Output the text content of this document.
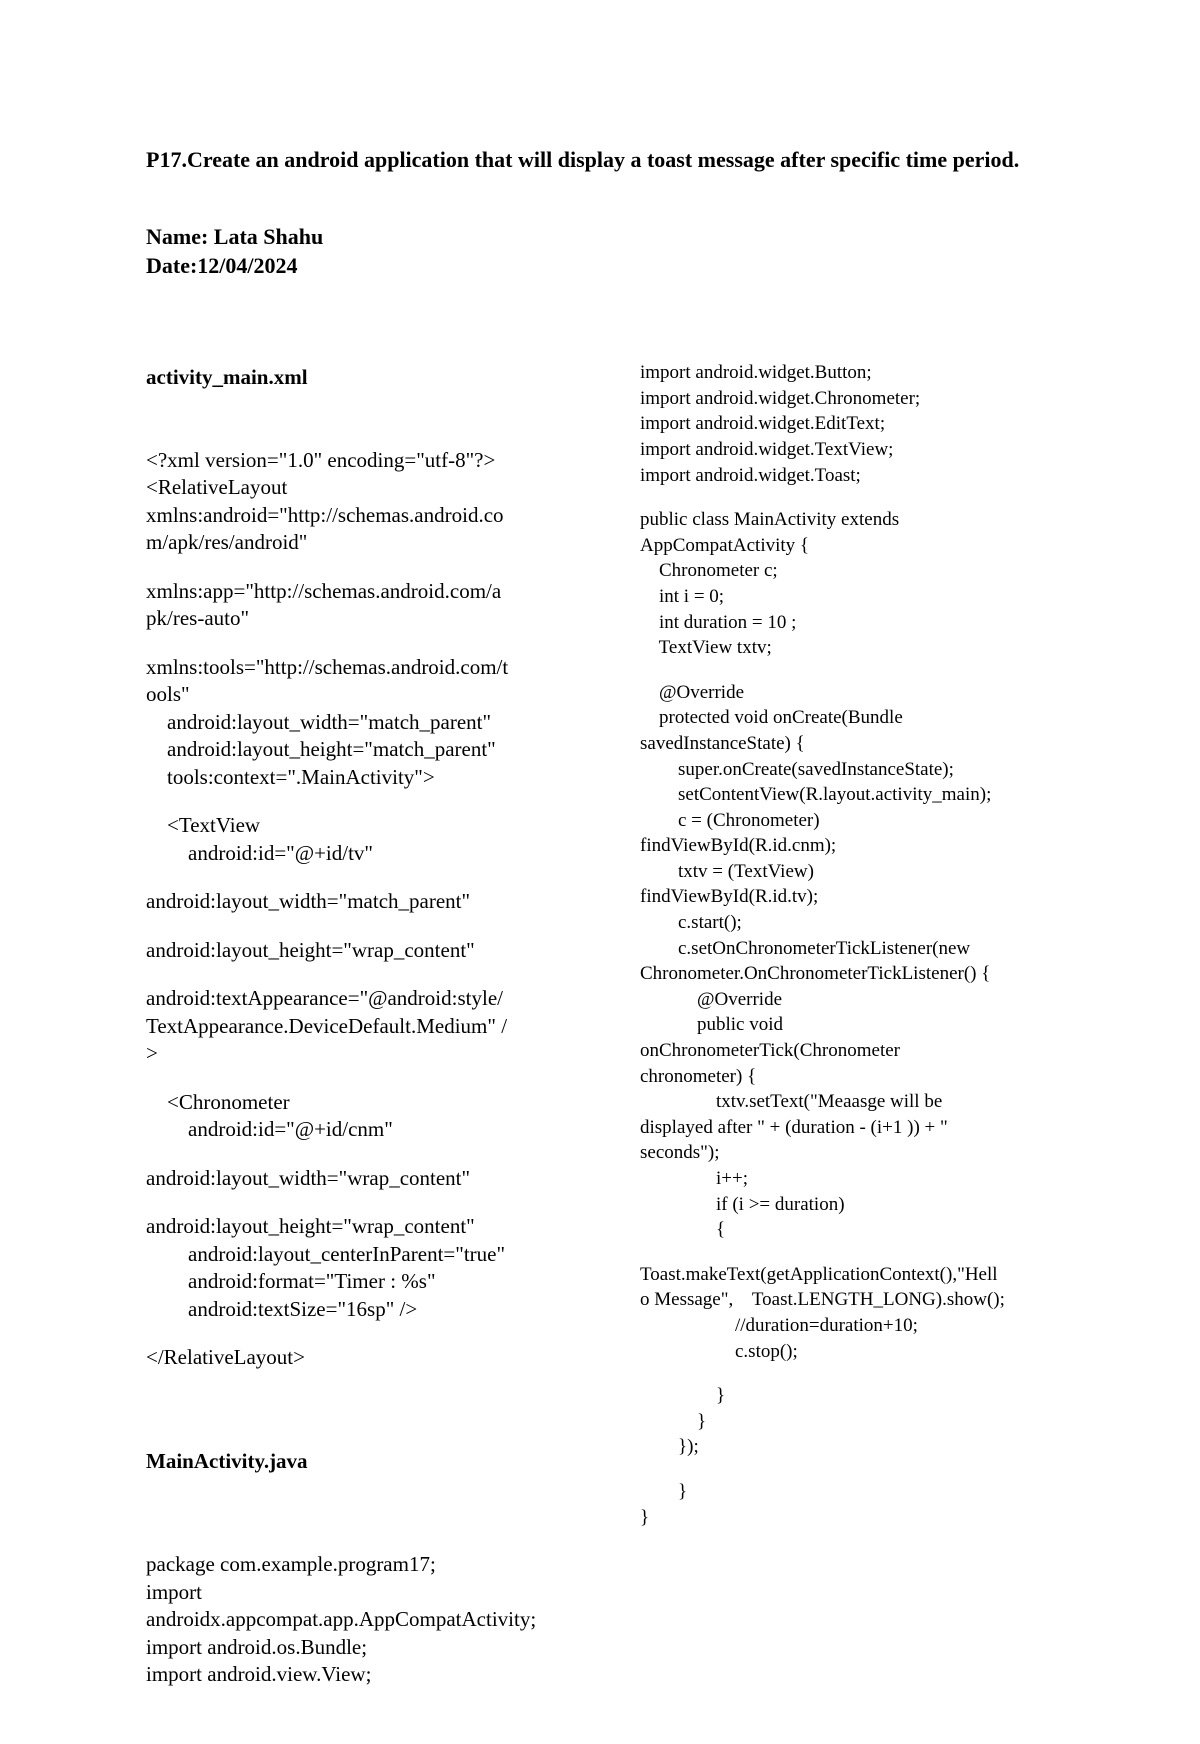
P17.Create an android application that will display a toast message after specific time period.

Name: Lata Shahu
Date:12/04/2024

activity_main.xml

<?xml version="1.0" encoding="utf-8"?>
<RelativeLayout
xmlns:android="http://schemas.android.co
m/apk/res/android"
xmlns:app="http://schemas.android.com/a
pk/res-auto"
xmlns:tools="http://schemas.android.com/t
ools"
android:layout_width="match_parent"
android:layout_height="match_parent"
tools:context=".MainActivity">
<TextView
android:id="@+id/tv"
android:layout_width="match_parent"
android:layout_height="wrap_content"
android:textAppearance="@android:style/
TextAppearance.DeviceDefault.Medium" /
>
<Chronometer
android:id="@+id/cnm"
android:layout_width="wrap_content"
android:layout_height="wrap_content"
android:layout_centerInParent="true"
android:format="Timer : %s"
android:textSize="16sp" />
</RelativeLayout>

MainActivity.java

package com.example.program17;
import
androidx.appcompat.app.AppCompatActivity;
import android.os.Bundle;
import android.view.View;

import android.widget.Button;
import android.widget.Chronometer;
import android.widget.EditText;
import android.widget.TextView;
import android.widget.Toast;
public class MainActivity extends
AppCompatActivity {
Chronometer c;
int i = 0;
int duration = 10 ;
TextView txtv;
@Override
protected void onCreate(Bundle
savedInstanceState) {
super.onCreate(savedInstanceState);
setContentView(R.layout.activity_main);
c = (Chronometer)
findViewById(R.id.cnm);
txtv = (TextView)
findViewById(R.id.tv);
c.start();
c.setOnChronometerTickListener(new
Chronometer.OnChronometerTickListener() {
@Override
public void
onChronometerTick(Chronometer
chronometer) {
txtv.setText("Meaasge will be
displayed after " + (duration - (i+1 )) + "
seconds");
i++;
if (i >= duration)
{
Toast.makeText(getApplicationContext(),"Hell
o Message",    Toast.LENGTH_LONG).show();
//duration=duration+10;
c.stop();
}
}
});
}
}
